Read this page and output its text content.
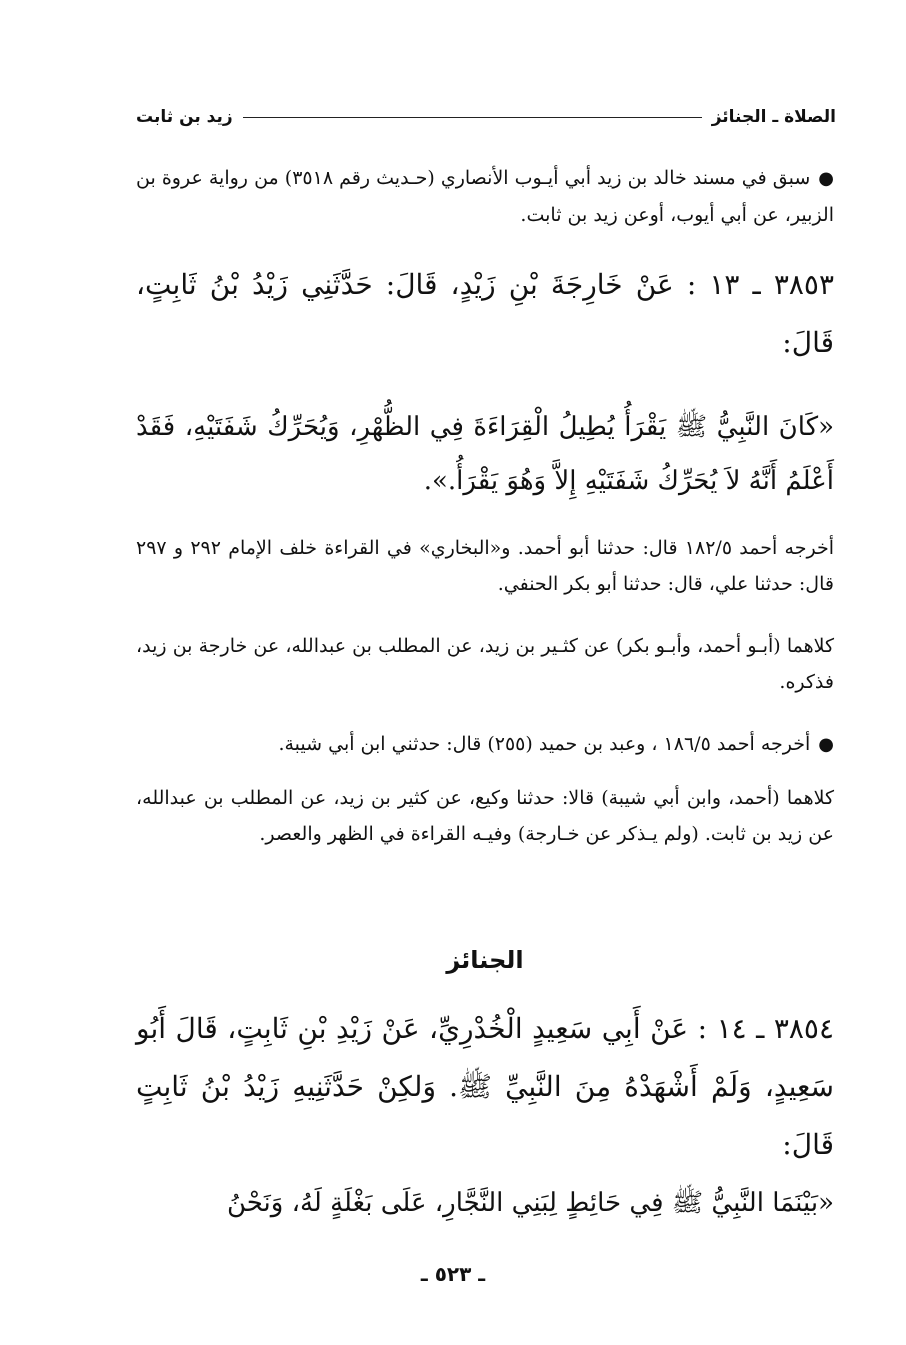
الصلاة ـ الجنائز
زيد بن ثابت
● سبق في مسند خالد بن زيد أبي أيـوب الأنصاري (حـديث رقم ٣٥١٨) من رواية عروة بن الزبير، عن أبي أيوب، أوعن زيد بن ثابت.
٣٨٥٣ ـ ١٣ : عَنْ خَارِجَةَ بْنِ زَيْدٍ، قَالَ: حَدَّثَنِي زَيْدُ بْنُ ثَابِتٍ، قَالَ:
«كَانَ النَّبِيُّ ﷺ يَقْرَأُ يُطِيلُ الْقِرَاءَةَ فِي الظُّهْرِ، وَيُحَرِّكُ شَفَتَيْهِ، فَقَدْ أَعْلَمُ أَنَّهُ لاَ يُحَرِّكُ شَفَتَيْهِ إِلاَّ وَهُوَ يَقْرَأُ.».
أخرجه أحمد ١٨٢/٥ قال: حدثنا أبو أحمد. و«البخاري» في القراءة خلف الإمام ٢٩٢ و ٢٩٧ قال: حدثنا علي، قال: حدثنا أبو بكر الحنفي.
كلاهما (أبـو أحمد، وأبـو بكر) عن كثـير بن زيد، عن المطلب بن عبدالله، عن خارجة بن زيد، فذكره.
● أخرجه أحمد ١٨٦/٥ ، وعبد بن حميد (٢٥٥) قال: حدثني ابن أبي شيبة.
كلاهما (أحمد، وابن أبي شيبة) قالا: حدثنا وكيع، عن كثير بن زيد، عن المطلب بن عبدالله، عن زيد بن ثابت. (ولم يـذكر عن خـارجة) وفيـه القراءة في الظهر والعصر.
الجنائز
٣٨٥٤ ـ ١٤ : عَنْ أَبِي سَعِيدٍ الْخُدْرِيِّ، عَنْ زَيْدِ بْنِ ثَابِتٍ، قَالَ أَبُو سَعِيدٍ، وَلَمْ أَشْهَدْهُ مِنَ النَّبِيِّ ﷺ. وَلكِنْ حَدَّثَنِيهِ زَيْدُ بْنُ ثَابِتٍ قَالَ:
«بَيْنَمَا النَّبِيُّ ﷺ فِي حَائِطٍ لِبَنِي النَّجَّارِ، عَلَى بَغْلَةٍ لَهُ، وَنَحْنُ
ـ ٥٢٣ ـ
